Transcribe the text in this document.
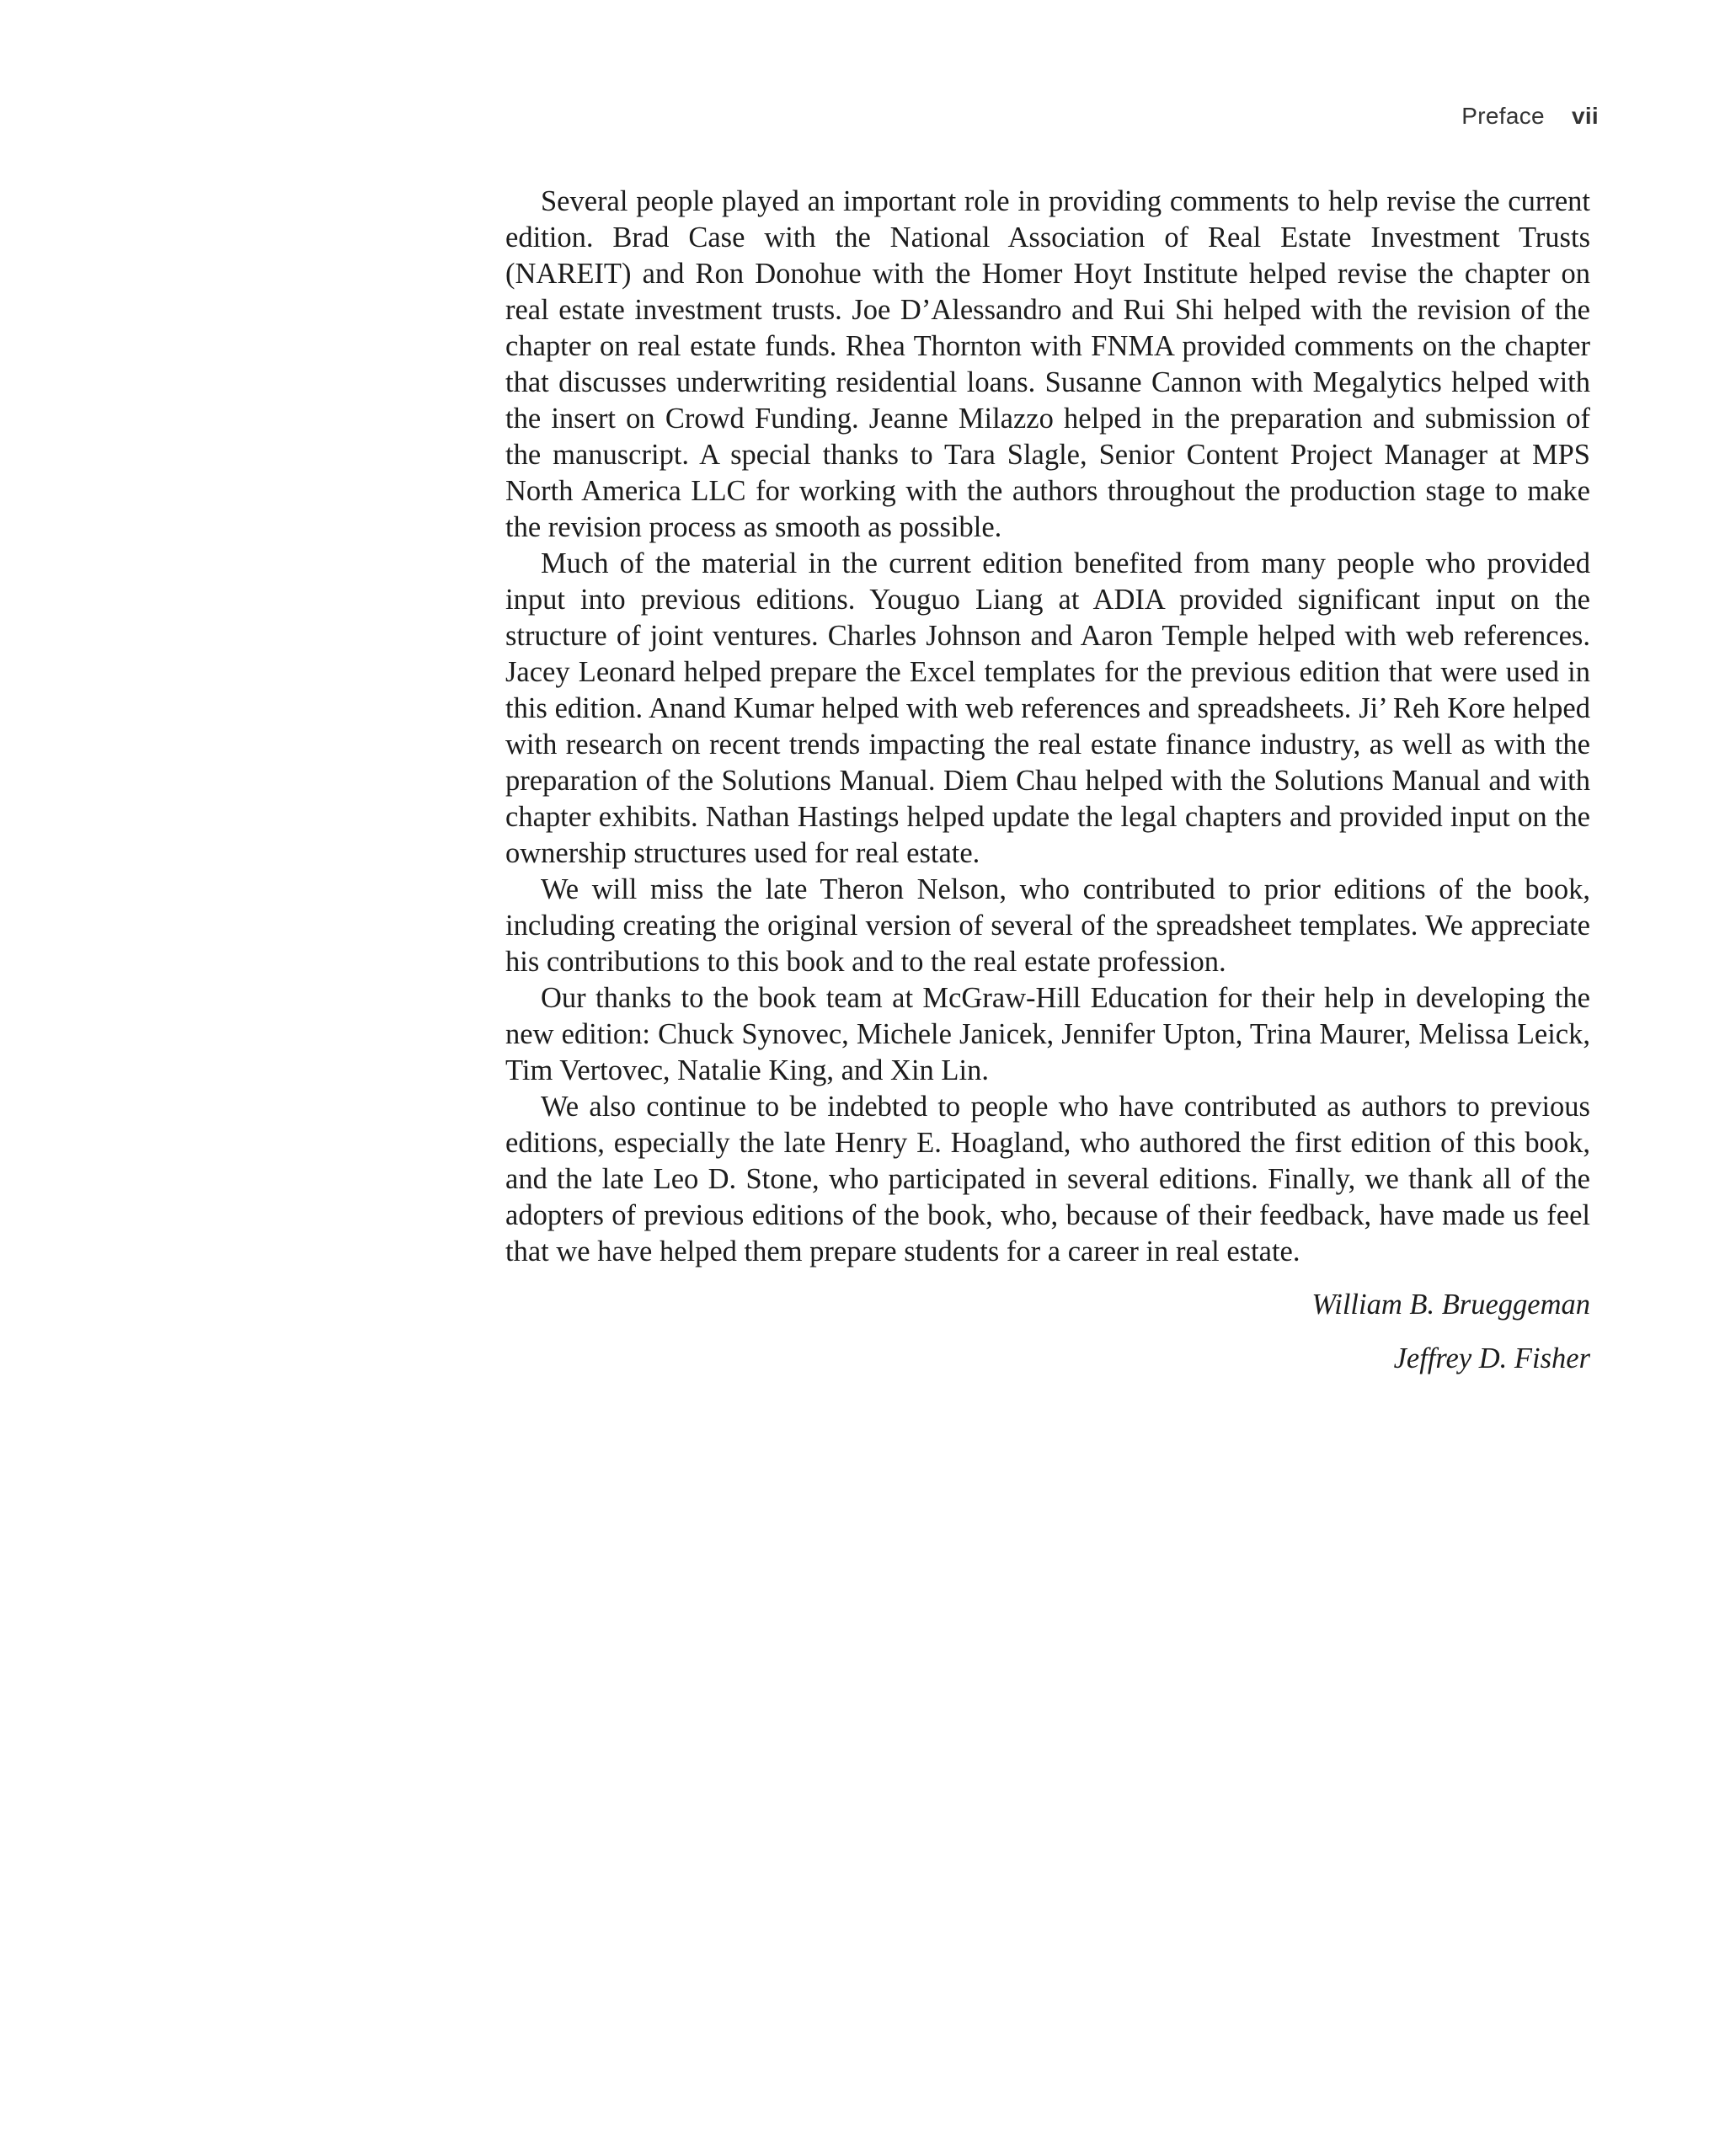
Preface vii

Several people played an important role in providing comments to help revise the current edition. Brad Case with the National Association of Real Estate Investment Trusts (NAREIT) and Ron Donohue with the Homer Hoyt Institute helped revise the chapter on real estate investment trusts. Joe D’Alessandro and Rui Shi helped with the revision of the chapter on real estate funds. Rhea Thornton with FNMA provided comments on the chapter that discusses underwriting residential loans. Susanne Cannon with Megalytics helped with the insert on Crowd Funding. Jeanne Milazzo helped in the preparation and submission of the manuscript. A special thanks to Tara Slagle, Senior Content Project Manager at MPS North America LLC for working with the authors throughout the production stage to make the revision process as smooth as possible.

Much of the material in the current edition benefited from many people who provided input into previous editions. Youguo Liang at ADIA provided significant input on the structure of joint ventures. Charles Johnson and Aaron Temple helped with web references. Jacey Leonard helped prepare the Excel templates for the previous edition that were used in this edition. Anand Kumar helped with web references and spreadsheets. Ji’ Reh Kore helped with research on recent trends impacting the real estate finance industry, as well as with the preparation of the Solutions Manual. Diem Chau helped with the Solutions Manual and with chapter exhibits. Nathan Hastings helped update the legal chapters and provided input on the ownership structures used for real estate.

We will miss the late Theron Nelson, who contributed to prior editions of the book, including creating the original version of several of the spreadsheet templates. We appreciate his contributions to this book and to the real estate profession.

Our thanks to the book team at McGraw-Hill Education for their help in developing the new edition: Chuck Synovec, Michele Janicek, Jennifer Upton, Trina Maurer, Melissa Leick, Tim Vertovec, Natalie King, and Xin Lin.

We also continue to be indebted to people who have contributed as authors to previous editions, especially the late Henry E. Hoagland, who authored the first edition of this book, and the late Leo D. Stone, who participated in several editions. Finally, we thank all of the adopters of previous editions of the book, who, because of their feedback, have made us feel that we have helped them prepare students for a career in real estate.

William B. Brueggeman
Jeffrey D. Fisher
